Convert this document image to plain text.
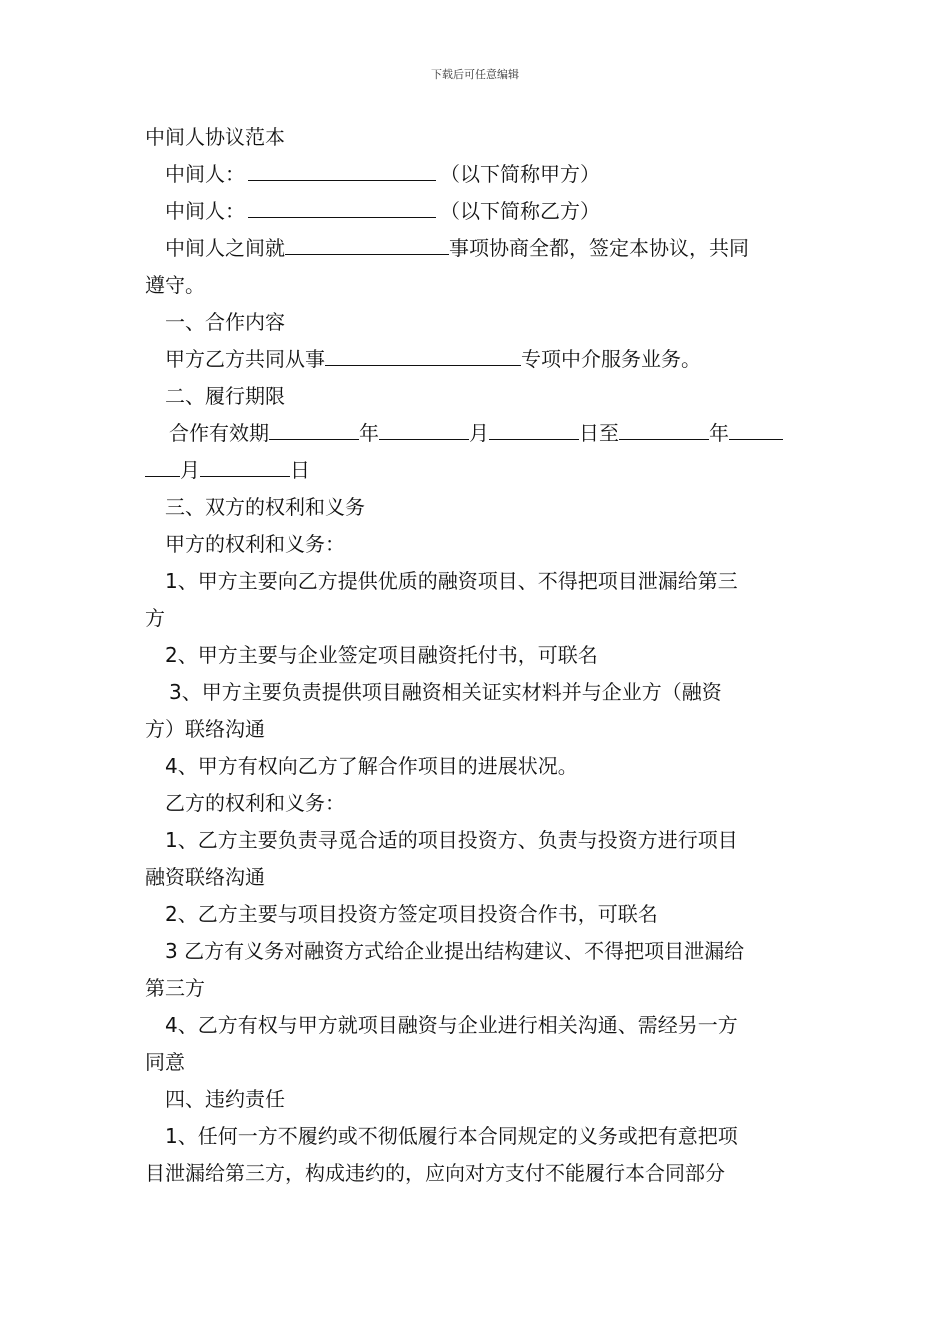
下载后可任意编辑
中间人协议范本
中间人：	（以下简称甲方）
中间人：	（以下简称乙方）
中间人之间就	事项协商全都，签定本协议，共同
遵守。
一、合作内容
甲方乙方共同从事	专项中介服务业务。
二、履行期限
合作有效期	年	月	日至	年
月	日
三、双方的权利和义务
甲方的权利和义务：
1、甲方主要向乙方提供优质的融资项目、不得把项目泄漏给第三
方
2、甲方主要与企业签定项目融资托付书，可联名
3、甲方主要负责提供项目融资相关证实材料并与企业方（融资
方）联络沟通
4、甲方有权向乙方了解合作项目的进展状况。
乙方的权利和义务：
1、乙方主要负责寻觅合适的项目投资方、负责与投资方进行项目
融资联络沟通
2、乙方主要与项目投资方签定项目投资合作书，可联名
3 乙方有义务对融资方式给企业提出结构建议、不得把项目泄漏给
第三方
4、乙方有权与甲方就项目融资与企业进行相关沟通、需经另一方
同意
四、违约责任
1、任何一方不履约或不彻低履行本合同规定的义务或把有意把项
目泄漏给第三方，构成违约的，应向对方支付不能履行本合同部分
